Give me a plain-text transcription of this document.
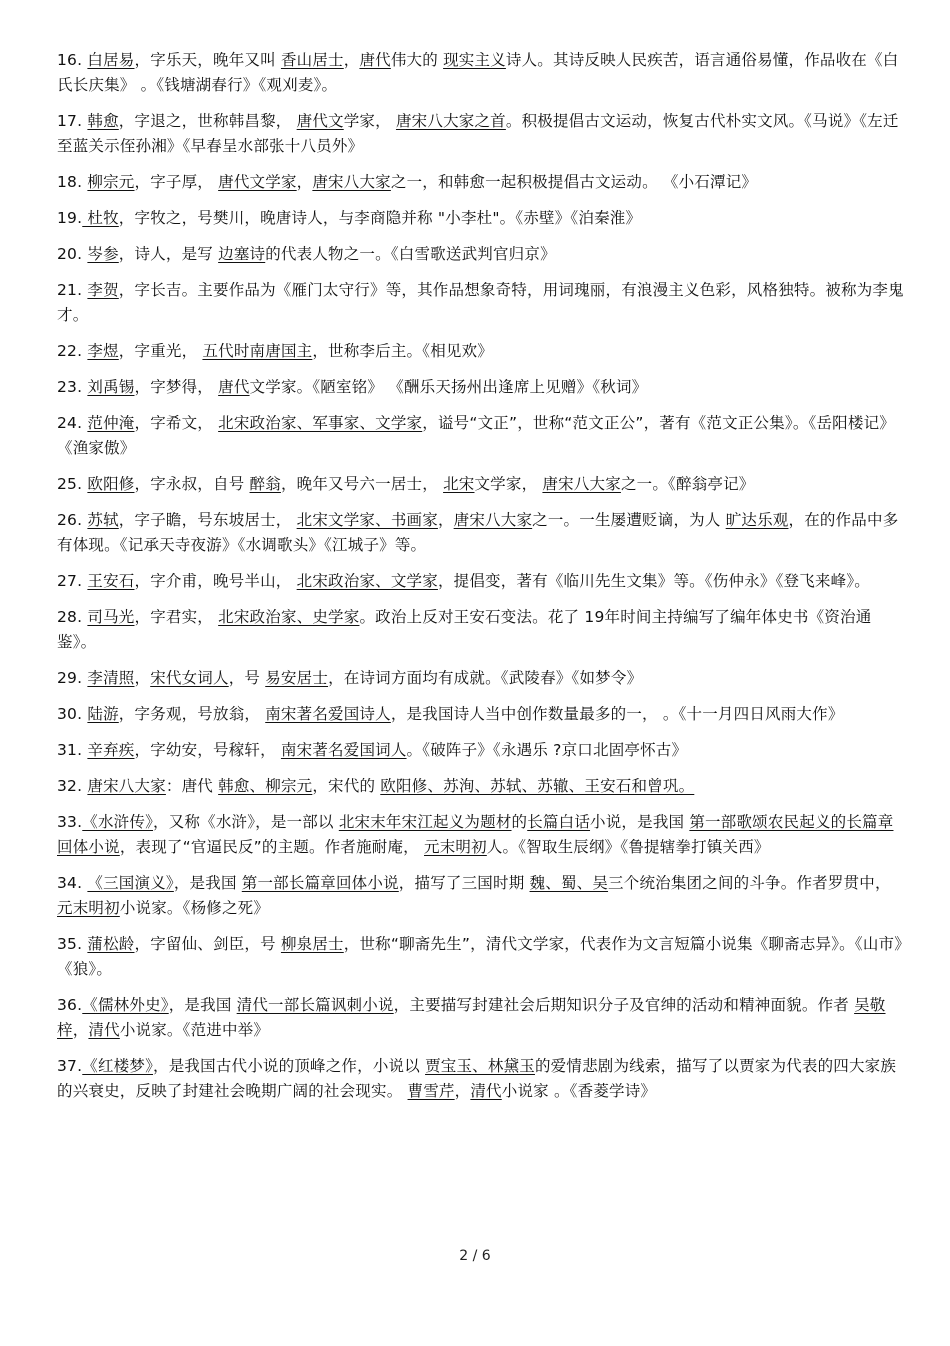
16. 白居易，字乐天，晚年又叫 香山居士，唐代伟大的 现实主义诗人。其诗反映人民疾苦，语言通俗易懂，作品收在《白氏长庆集》 。《钱塘湖春行》《观刈麦》。

17. 韩愈，字退之，世称韩昌黎， 唐代文学家， 唐宋八大家之首。积极提倡古文运动，恢复古代朴实文风。《马说》《左迁至蓝关示侄孙湘》《早春呈水部张十八员外》

18. 柳宗元，字子厚， 唐代文学家，唐宋八大家之一，和韩愈一起积极提倡古文运动。 《小石潭记》

19. 杜牧，字牧之，号樊川，晚唐诗人，与李商隐并称 "小李杜"。《赤壁》《泊秦淮》

20. 岑参，诗人，是写 边塞诗的代表人物之一。《白雪歌送武判官归京》

21. 李贺，字长吉。主要作品为《雁门太守行》等，其作品想象奇特，用词瑰丽，有浪漫主义色彩，风格独特。被称为李鬼才。

22. 李煜，字重光， 五代时南唐国主，世称李后主。《相见欢》

23. 刘禹锡，字梦得， 唐代文学家。《陋室铭》 《酬乐天扬州出逢席上见赠》《秋词》

24. 范仲淹，字希文， 北宋政治家、军事家、文学家，谥号“文正”，世称“范文正公”，著有《范文正公集》。《岳阳楼记》 《渔家傲》

25. 欧阳修，字永叔，自号 醉翁，晚年又号六一居士， 北宋文学家， 唐宋八大家之一。《醉翁亭记》

26. 苏轼，字子瞻，号东坡居士， 北宋文学家、书画家，唐宋八大家之一。一生屡遭贬谪，为人 旷达乐观，在的作品中多有体现。《记承天寺夜游》《水调歌头》《江城子》等。

27. 王安石，字介甫，晚号半山， 北宋政治家、文学家，提倡变，著有《临川先生文集》等。《伤仲永》《登飞来峰》。

28. 司马光，字君实， 北宋政治家、史学家。政治上反对王安石变法。花了 19年时间主持编写了编年体史书《资治通鉴》。

29. 李清照，宋代女词人，号 易安居士，在诗词方面均有成就。《武陵春》《如梦令》

30. 陆游，字务观，号放翁， 南宋著名爱国诗人，是我国诗人当中创作数量最多的一， 。《十一月四日风雨大作》

31. 辛弃疾，字幼安，号稼轩， 南宋著名爱国词人。《破阵子》《永遇乐 ?京口北固亭怀古》

32. 唐宋八大家：唐代 韩愈、柳宗元，宋代的 欧阳修、苏洵、苏轼、苏辙、王安石和曾巩。

33.《水浒传》，又称《水浒》，是一部以 北宋末年宋江起义为题材的长篇白话小说，是我国 第一部歌颂农民起义的长篇章回体小说，表现了“官逼民反”的主题。作者施耐庵， 元末明初人。《智取生辰纲》《鲁提辖拳打镇关西》

34. 《三国演义》，是我国 第一部长篇章回体小说，描写了三国时期 魏、蜀、吴三个统治集团之间的斗争。作者罗贯中， 元末明初小说家。《杨修之死》

35. 蒲松龄，字留仙、剑臣，号 柳泉居士，世称“聊斋先生”，清代文学家，代表作为文言短篇小说集《聊斋志异》。《山市》《狼》。

36.《儒林外史》，是我国 清代一部长篇讽刺小说，主要描写封建社会后期知识分子及官绅的活动和精神面貌。作者 吴敬梓，清代小说家。《范进中举》

37.《红楼梦》，是我国古代小说的顶峰之作，小说以 贾宝玉、林黛玉的爱情悲剧为线索，描写了以贾家为代表的四大家族的兴衰史，反映了封建社会晚期广阔的社会现实。 曹雪芹，清代小说家 。《香菱学诗》

2 / 6
